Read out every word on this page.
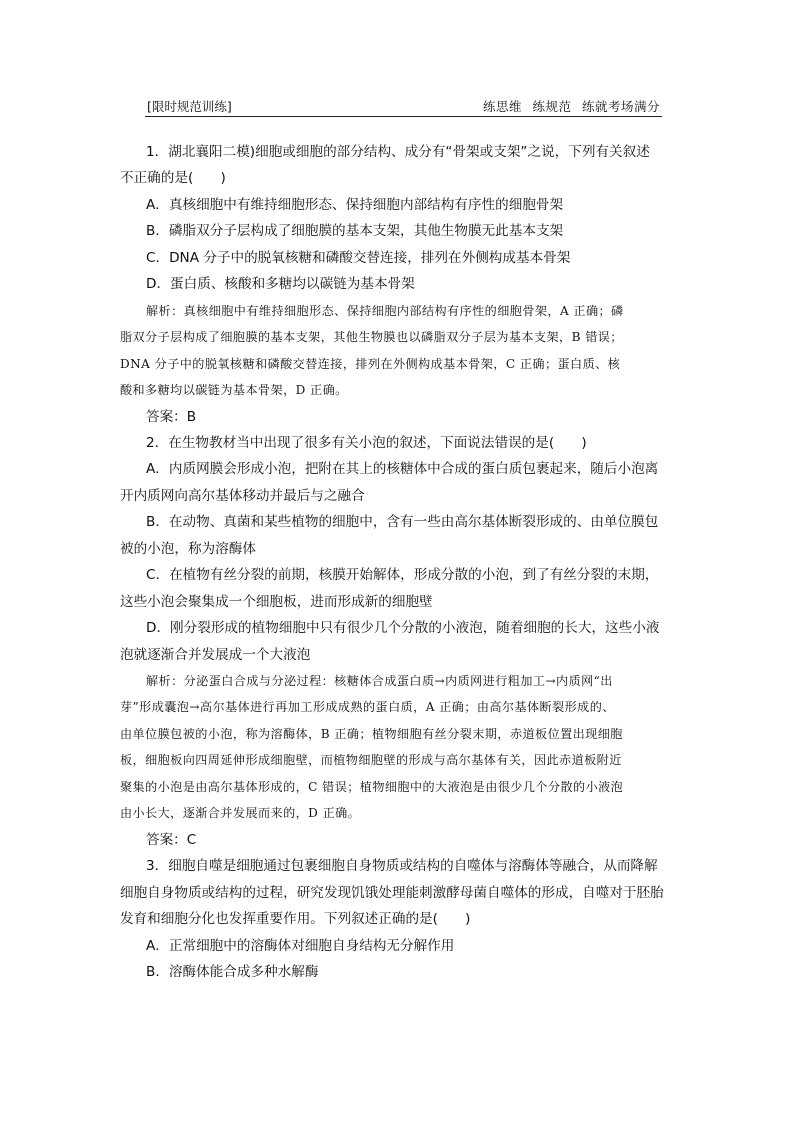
[限时规范训练]	练思维 练规范 练就考场满分
1．湖北襄阳二模)细胞或细胞的部分结构、成分有“骨架或支架”之说，下列有关叙述
不正确的是(　　)
A．真核细胞中有维持细胞形态、保持细胞内部结构有序性的细胞骨架
B．磷脂双分子层构成了细胞膜的基本支架，其他生物膜无此基本支架
C．DNA 分子中的脱氧核糖和磷酸交替连接，排列在外侧构成基本骨架
D．蛋白质、核酸和多糖均以碳链为基本骨架
解析：真核细胞中有维持细胞形态、保持细胞内部结构有序性的细胞骨架，A 正确；磷
脂双分子层构成了细胞膜的基本支架，其他生物膜也以磷脂双分子层为基本支架，B 错误；
DNA 分子中的脱氧核糖和磷酸交替连接，排列在外侧构成基本骨架，C 正确；蛋白质、核
酸和多糖均以碳链为基本骨架，D 正确。
答案：B
2．在生物教材当中出现了很多有关小泡的叙述，下面说法错误的是(　　)
A．内质网膜会形成小泡，把附在其上的核糖体中合成的蛋白质包裹起来，随后小泡离
开内质网向高尔基体移动并最后与之融合
B．在动物、真菌和某些植物的细胞中，含有一些由高尔基体断裂形成的、由单位膜包
被的小泡，称为溶酶体
C．在植物有丝分裂的前期，核膜开始解体，形成分散的小泡，到了有丝分裂的末期，
这些小泡会聚集成一个细胞板，进而形成新的细胞壁
D．刚分裂形成的植物细胞中只有很少几个分散的小液泡，随着细胞的长大，这些小液
泡就逐渐合并发展成一个大液泡
解析：分泌蛋白合成与分泌过程：核糖体合成蛋白质→内质网进行粗加工→内质网“出
芽”形成囊泡→高尔基体进行再加工形成成熟的蛋白质，A 正确；由高尔基体断裂形成的、
由单位膜包被的小泡，称为溶酶体，B 正确；植物细胞有丝分裂末期，赤道板位置出现细胞
板，细胞板向四周延伸形成细胞壁，而植物细胞壁的形成与高尔基体有关，因此赤道板附近
聚集的小泡是由高尔基体形成的，C 错误；植物细胞中的大液泡是由很少几个分散的小液泡
由小长大，逐渐合并发展而来的，D 正确。
答案：C
3．细胞自噬是细胞通过包裹细胞自身物质或结构的自噬体与溶酶体等融合，从而降解
细胞自身物质或结构的过程，研究发现饥饿处理能刺激酵母菌自噬体的形成，自噬对于胚胎
发育和细胞分化也发挥重要作用。下列叙述正确的是(　　)
A．正常细胞中的溶酶体对细胞自身结构无分解作用
B．溶酶体能合成多种水解酶
